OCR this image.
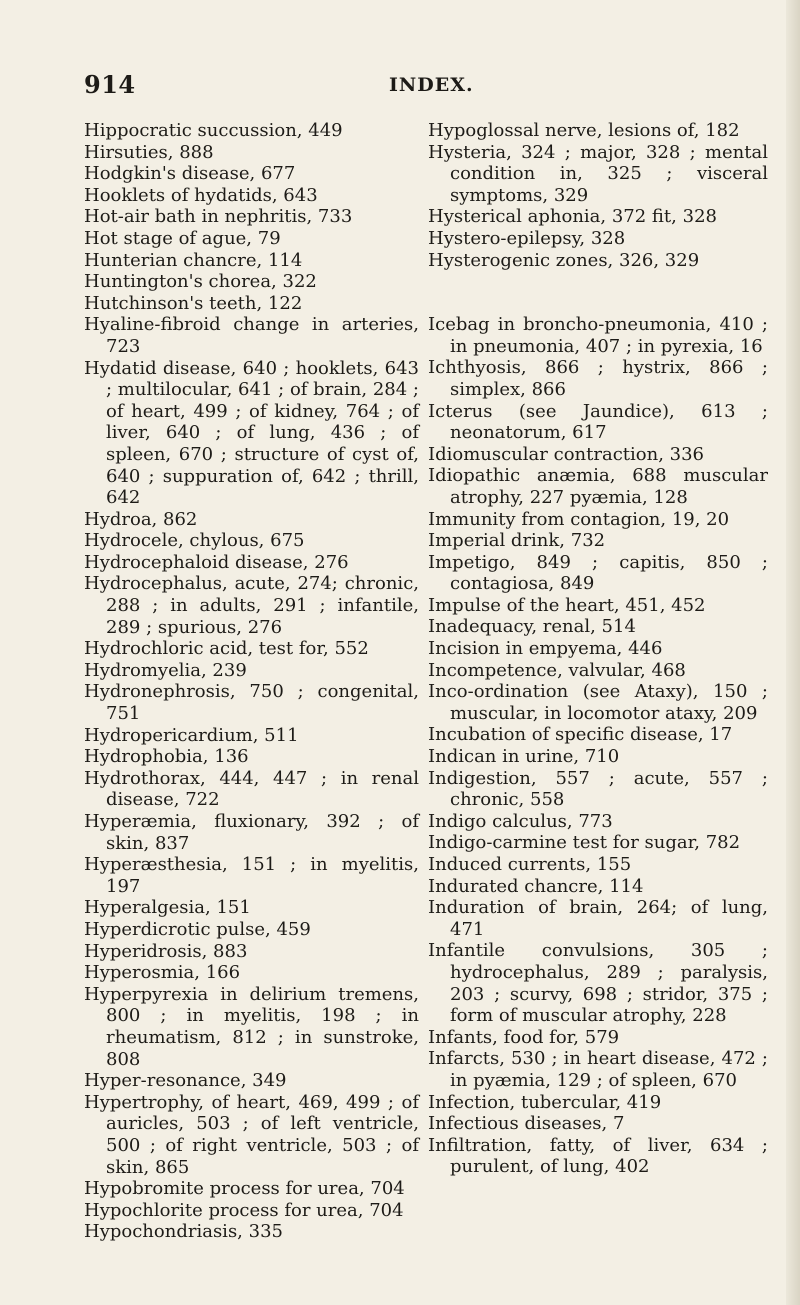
914	INDEX.

Hippocratic succussion, 449

Hirsuties, 888

Hodgkin's disease, 677

Hooklets of hydatids, 643

Hot-air bath in nephritis, 733

Hot stage of ague, 79

Hunterian chancre, 114

Huntington's chorea, 322

Hutchinson's teeth, 122

Hyaline-fibroid change in arteries, 723

Hydatid disease, 640 ; hooklets, 643 ; multilocular, 641 ; of brain, 284 ; of heart, 499 ; of kidney, 764 ; of liver, 640 ; of lung, 436 ; of spleen, 670 ; structure of cyst of, 640 ; suppuration of, 642 ; thrill, 642

Hydroa, 862

Hydrocele, chylous, 675

Hydrocephaloid disease, 276

Hydrocephalus, acute, 274; chronic, 288 ; in adults, 291 ; infantile, 289 ; spurious, 276

Hydrochloric acid, test for, 552

Hydromyelia, 239

Hydronephrosis, 750 ; congenital, 751

Hydropericardium, 511

Hydrophobia, 136

Hydrothorax, 444, 447 ; in renal disease, 722

Hyperæmia, fluxionary, 392 ; of skin, 837

Hyperæsthesia, 151 ; in myelitis, 197

Hyperalgesia, 151

Hyperdicrotic pulse, 459

Hyperidrosis, 883

Hyperosmia, 166

Hyperpyrexia in delirium tremens, 800 ; in myelitis, 198 ; in rheumatism, 812 ; in sunstroke, 808

Hyper-resonance, 349

Hypertrophy, of heart, 469, 499 ; of auricles, 503 ; of left ventricle, 500 ; of right ventricle, 503 ; of skin, 865

Hypobromite process for urea, 704

Hypochlorite process for urea, 704

Hypochondriasis, 335

Hypoglossal nerve, lesions of, 182

Hysteria, 324 ; major, 328 ; mental condition in, 325 ; visceral symptoms, 329

Hysterical aphonia, 372 fit, 328

Hystero-epilepsy, 328

Hysterogenic zones, 326, 329

Icebag in broncho-pneumonia, 410 ; in pneumonia, 407 ; in pyrexia, 16

Ichthyosis, 866 ; hystrix, 866 ; simplex, 866

Icterus (see Jaundice), 613 ; neonatorum, 617

Idiomuscular contraction, 336

Idiopathic anæmia, 688 muscular atrophy, 227 pyæmia, 128

Immunity from contagion, 19, 20

Imperial drink, 732

Impetigo, 849 ; capitis, 850 ; contagiosa, 849

Impulse of the heart, 451, 452

Inadequacy, renal, 514

Incision in empyema, 446

Incompetence, valvular, 468

Inco-ordination (see Ataxy), 150 ; muscular, in locomotor ataxy, 209

Incubation of specific disease, 17

Indican in urine, 710

Indigestion, 557 ; acute, 557 ; chronic, 558

Indigo calculus, 773

Indigo-carmine test for sugar, 782

Induced currents, 155

Indurated chancre, 114

Induration of brain, 264; of lung, 471

Infantile convulsions, 305 ; hydrocephalus, 289 ; paralysis, 203 ; scurvy, 698 ; stridor, 375 ; form of muscular atrophy, 228

Infants, food for, 579

Infarcts, 530 ; in heart disease, 472 ; in pyæmia, 129 ; of spleen, 670

Infection, tubercular, 419

Infectious diseases, 7

Infiltration, fatty, of liver, 634 ; purulent, of lung, 402
